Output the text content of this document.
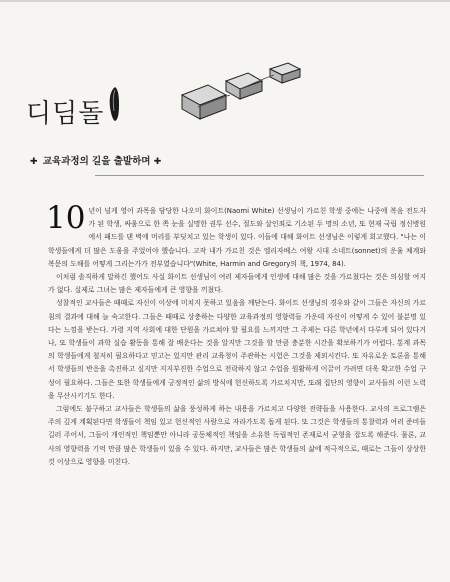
디딤돌
✚ 교육과정의 길을 출발하며 ✚

10 년이 넘게 영어 과목을 담당한 나오미 화이트(Naomi White) 선생님이 가르친 학생 중에는 나중에 복음 전도자가 된 학생, 싸움으로 한 쪽 눈을 실명한 권투 선수, 절도와 살인죄로 기소된 두 명의 소년, 또 현재 국립 정신병원에서 패드를 댄 벽에 머리를 부딪치고 있는 학생이 있다. 이들에 대해 화이트 선생님은 이렇게 회고했다. "나는 이 학생들에게 더 많은 도움을 주었어야 했습니다. 고작 내가 가르친 것은 엘리자베스 여왕 시대 소네트(sonnet)의 운율 체계와 복문의 도해를 어떻게 그리는가가 전부였습니다"(White, Harmin and Gregory의 책, 1974, 84).

이처럼 솔직하게 말하긴 했어도 사실 화이트 선생님이 여러 제자들에게 인생에 대해 많은 것을 가르쳤다는 것은 의심할 여지가 없다. 실제로 그녀는 많은 제자들에게 큰 영향을 끼쳤다.

성찰적인 교사들은 때때로 자신이 이상에 미치지 못하고 있음을 깨닫는다. 화이트 선생님의 경우와 같이 그들은 자신의 가르침의 결과에 대해 늘 숙고한다. 그들은 때때로 상충하는 다양한 교육과정의 영향력들 가운데 자신이 어떻게 수 있어 불분명 있다는 느낌을 받는다. 가령 지역 사회에 대한 단원을 가르쳐야 할 필요를 느끼지만 그 주제는 다른 학년에서 다루게 되어 있다거나, 또 학생들이 과학 실습 활동을 통해 잘 배운다는 것을 알지만 그것을 할 만큼 충분한 시간을 확보하기가 어렵다. 통계 과목의 학생들에게 철저히 필요하다고 믿고는 있지만 관리 교육청이 주관하는 시험은 그것을 제외시킨다. 또 자유로운 토론을 통해서 학생들의 반응을 촉진하고 싶지만 지지부진한 수업으로 전락하지 않고 수업을 원활하게 이끌어 가려면 더욱 확고한 수업 구성이 필요하다. 그들은 또한 학생들에게 긍정적인 삶의 방식에 헌신하도록 가르치지만, 또래 집단의 영향이 교사들의 이런 노력을 무산시키기도 한다.

그럼에도 불구하고 교사들은 학생들의 삶을 풍성하게 하는 내용을 가르치고 다양한 전략들을 사용한다. 교사의 프로그램은 주의 깊게 계획된다면 학생들이 책임 있고 헌신적인 사람으로 자라가도록 돕게 된다. 또 그것은 학생들의 통찰력과 여러 준비들 길러 주어서, 그들이 개인적인 책임뿐만 아니라 공동체적인 책임을 소유한 독립적인 존재로서 균형을 잡도록 해준다. 물론, 교사의 영향력을 기억 만큼 많은 학생들이 있을 수 있다. 하지만, 교사들은 많은 학생들의 삶에 적극적으로, 때로는 그들이 상상한 것 이상으로 영향을 미친다.
